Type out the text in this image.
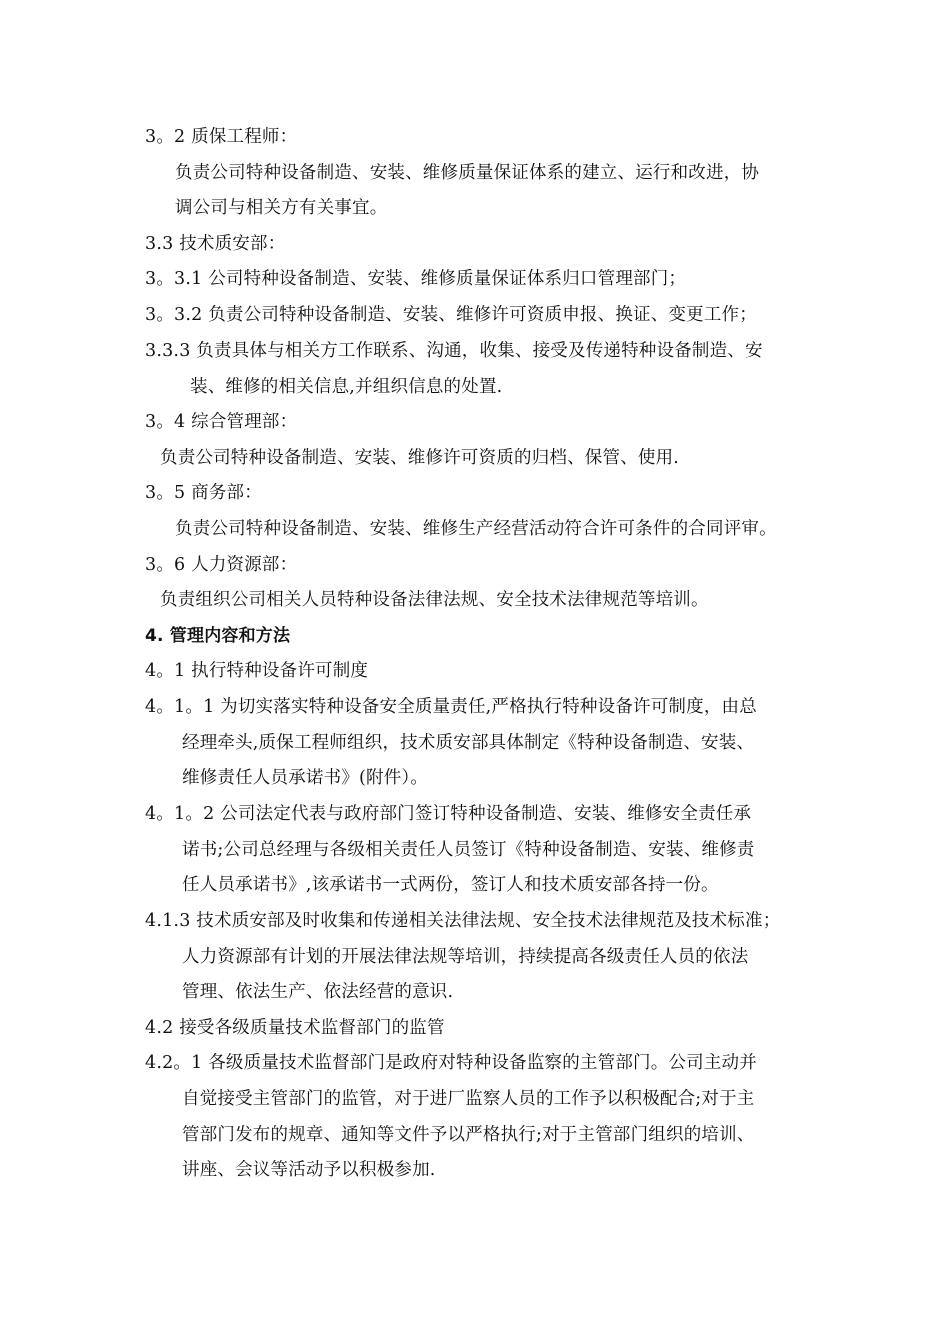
3。2 质保工程师：
负责公司特种设备制造、安装、维修质量保证体系的建立、运行和改进，协
调公司与相关方有关事宜。
3.3 技术质安部：
3。3.1 公司特种设备制造、安装、维修质量保证体系归口管理部门；
3。3.2 负责公司特种设备制造、安装、维修许可资质申报、换证、变更工作；
3.3.3 负责具体与相关方工作联系、沟通，收集、接受及传递特种设备制造、安
装、维修的相关信息,并组织信息的处置.
3。4 综合管理部：
负责公司特种设备制造、安装、维修许可资质的归档、保管、使用.
3。5 商务部：
负责公司特种设备制造、安装、维修生产经营活动符合许可条件的合同评审。
3。6 人力资源部：
负责组织公司相关人员特种设备法律法规、安全技术法律规范等培训。
4. 管理内容和方法
4。1 执行特种设备许可制度
4。1。1 为切实落实特种设备安全质量责任,严格执行特种设备许可制度，由总
经理牵头,质保工程师组织，技术质安部具体制定《特种设备制造、安装、
维修责任人员承诺书》(附件）。
4。1。2 公司法定代表与政府部门签订特种设备制造、安装、维修安全责任承
诺书;公司总经理与各级相关责任人员签订《特种设备制造、安装、维修责
任人员承诺书》,该承诺书一式两份，签订人和技术质安部各持一份。
4.1.3 技术质安部及时收集和传递相关法律法规、安全技术法律规范及技术标准；
人力资源部有计划的开展法律法规等培训，持续提高各级责任人员的依法
管理、依法生产、依法经营的意识.
4.2 接受各级质量技术监督部门的监管
4.2。1 各级质量技术监督部门是政府对特种设备监察的主管部门。公司主动并
自觉接受主管部门的监管，对于进厂监察人员的工作予以积极配合;对于主
管部门发布的规章、通知等文件予以严格执行;对于主管部门组织的培训、
讲座、会议等活动予以积极参加.
